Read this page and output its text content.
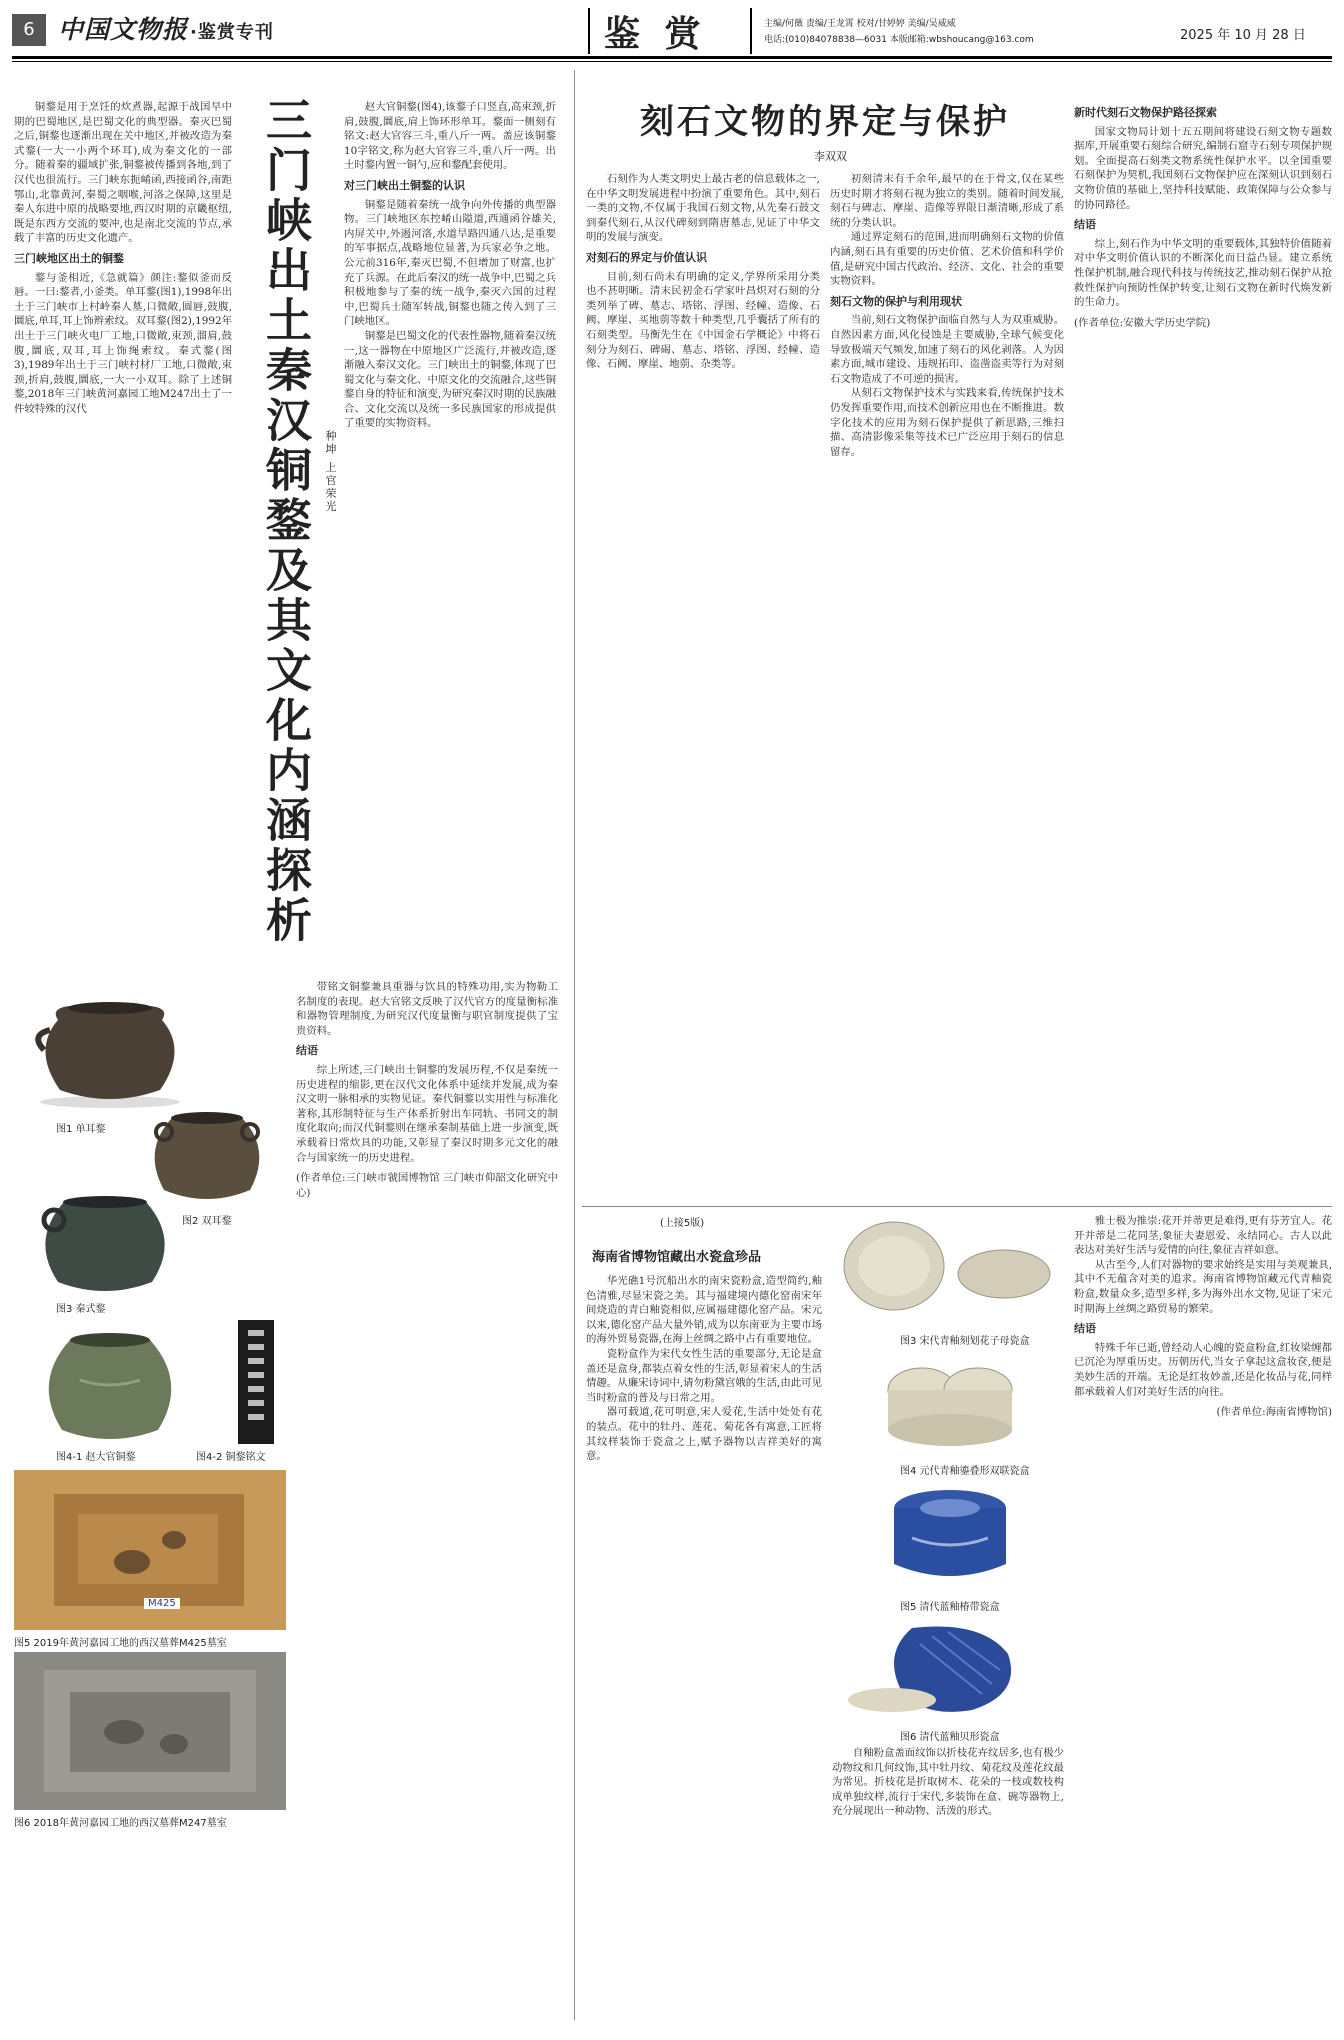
6 中国文物报 ·鉴赏专刊	鉴 赏	主编/何薇 责编/王龙霄 校对/甘婷婷 美编/吴威威
电话:(010)84078838—6031 本版邮箱:wbshoucang@163.com	2025 年 10 月 28 日
三门峡出土秦汉铜鍪及其文化内涵探析	种坤 上官荣光

铜鍪是用于烹饪的炊煮器,起源于战国早中期的巴蜀地区,是巴蜀文化的典型器。秦灭巴蜀之后,铜鍪也逐渐出现在关中地区,并被改造为秦式鍪(一大一小两个环耳),成为秦文化的一部分。随着秦的疆域扩张,铜鍪被传播到各地,到了汉代也很流行。三门峡东扼崤函,西接函谷,南距鄂山,北靠黄河,秦蜀之咽喉,河洛之保障,这里是秦人东进中原的战略要地,西汉时期的京畿枢纽,既是东西方交流的要冲,也是南北交流的节点,承载了丰富的历史文化遗产。

三门峡地区出土的铜鍪

鍪与釜相近,《急就篇》颜注:鍪似釜而反唇。一曰:鍪者,小釜类。单耳鍪(图1),1998年出土于三门峡市上村岭秦人墓,口微敞,圆唇,鼓腹,圜底,单耳,耳上饰辫索纹。双耳鍪(图2),1992年出土于三门峡火电厂工地,口微敞,束颈,溜肩,鼓腹,圜底,双耳,耳上饰绳索纹。秦式鍪(图3),1989年出土于三门峡村材厂工地,口微敞,束颈,折肩,鼓腹,圜底,一大一小双耳。除了上述铜鍪,2018年三门峡黄河嘉园工地M247出土了一件较特殊的汉代

赵大官铜鍪(图4),该鍪子口竖直,高束颈,折肩,鼓腹,圜底,肩上饰环形单耳。鍪面一侧刻有铭文:赵大官容三斗,重八斤一两。盖应该铜鍪10字铭文,称为赵大官容三斗,重八斤一两。出土时鍪内置一铜勺,应和鍪配套使用。

对三门峡出土铜鍪的认识

铜鍪是随着秦统一战争向外传播的典型器物。三门峡地区东控崤山隘道,西通函谷雄关,内屏关中,外遏河洛,水道旱路四通八达,是重要的军事据点,战略地位显著,为兵家必争之地。公元前316年,秦灭巴蜀,不但增加了财富,也扩充了兵源。在此后秦汉的统一战争中,巴蜀之兵积极地参与了秦的统一战争,秦灭六国的过程中,巴蜀兵士随军转战,铜鍪也随之传入到了三门峡地区。

铜鍪是巴蜀文化的代表性器物,随着秦汉统一,这一器物在中原地区广泛流行,并被改造,逐渐融入秦汉文化。三门峡出土的铜鍪,体现了巴蜀文化与秦文化、中原文化的交流融合,这些铜鍪自身的特征和演变,为研究秦汉时期的民族融合、文化交流以及统一多民族国家的形成提供了重要的实物资料。

图1 单耳鍪
图2 双耳鍪
图3 秦式鍪
图4-1 赵大官铜鍪	图4-2 铜鍪铭文
M425
图5 2019年黄河嘉园工地的西汉墓葬M425墓室
图6 2018年黄河嘉园工地的西汉墓葬M247墓室

带铭文铜鍪兼具重器与饮具的特殊功用,实为物勒工名制度的表现。赵大官铭文反映了汉代官方的度量衡标准和器物管理制度,为研究汉代度量衡与职官制度提供了宝贵资料。

结语

综上所述,三门峡出土铜鍪的发展历程,不仅是秦统一历史进程的缩影,更在汉代文化体系中延续并发展,成为秦汉文明一脉相承的实物见证。秦代铜鍪以实用性与标准化著称,其形制特征与生产体系折射出车同轨、书同文的制度化取向;而汉代铜鍪则在继承秦制基础上进一步演变,既承载着日常炊具的功能,又彰显了秦汉时期多元文化的融合与国家统一的历史进程。

(作者单位:三门峡市虢国博物馆 三门峡市仰韶文化研究中心)

刻石文物的界定与保护
李双双

石刻作为人类文明史上最古老的信息载体之一,在中华文明发展进程中扮演了重要角色。其中,刻石一类的文物,不仅属于我国石刻文物,从先秦石鼓文到秦代刻石,从汉代碑刻到隋唐墓志,见证了中华文明的发展与演变。

对刻石的界定与价值认识

目前,刻石尚未有明确的定义,学界所采用分类也不甚明晰。清末民初金石学家叶昌炽对石刻的分类列举了碑、墓志、塔铭、浮图、经幢、造像、石阙、摩崖、买地莂等数十种类型,几乎囊括了所有的石刻类型。马衡先生在《中国金石学概论》中将石刻分为刻石、碑碣、墓志、塔铭、浮图、经幢、造像、石阙、摩崖、地莂、杂类等。

初刻清末有千余年,最早的在于骨文,仅在某些历史时期才将刻石视为独立的类别。随着时间发展,刻石与碑志、摩崖、造像等界限日渐清晰,形成了系统的分类认识。

通过界定刻石的范围,进而明确刻石文物的价值内涵,刻石具有重要的历史价值、艺术价值和科学价值,是研究中国古代政治、经济、文化、社会的重要实物资料。

刻石文物的保护与利用现状

当前,刻石文物保护面临自然与人为双重威胁。自然因素方面,风化侵蚀是主要威胁,全球气候变化导致极端天气频发,加速了刻石的风化剥落。人为因素方面,城市建设、违规拓印、盗凿盗卖等行为对刻石文物造成了不可逆的损害。

从刻石文物保护技术与实践来看,传统保护技术仍发挥重要作用,而技术创新应用也在不断推进。数字化技术的应用为刻石保护提供了新思路,三维扫描、高清影像采集等技术已广泛应用于刻石的信息留存。

新时代刻石文物保护路径探索

国家文物局计划十五五期间将建设石刻文物专题数据库,开展重要石刻综合研究,编制石窟寺石刻专项保护规划。全面提高石刻类文物系统性保护水平。以全国重要石刻保护为契机,我国刻石文物保护应在深刻认识到刻石文物价值的基础上,坚持科技赋能、政策保障与公众参与的协同路径。

结语

综上,刻石作为中华文明的重要载体,其独特价值随着对中华文明价值认识的不断深化而日益凸显。建立系统性保护机制,融合现代科技与传统技艺,推动刻石保护从抢救性保护向预防性保护转变,让刻石文物在新时代焕发新的生命力。

(作者单位:安徽大学历史学院)

(上接5版)
海南省博物馆藏出水瓷盒珍品

华光礁1号沉船出水的南宋瓷粉盒,造型简约,釉色清雅,尽显宋瓷之美。其与福建境内德化窑南宋年间烧造的青白釉瓷相似,应属福建德化窑产品。宋元以来,德化窑产品大量外销,成为以东南亚为主要市场的海外贸易瓷器,在海上丝绸之路中占有重要地位。

瓷粉盒作为宋代女性生活的重要部分,无论是盒盖还是盒身,都装点着女性的生活,彰显着宋人的生活情趣。从廉宋诗词中,请勿粉黛宫娥的生活,由此可见当时粉盒的普及与日常之用。

器可载道,花可明意,宋人爱花,生活中处处有花的装点。花中的牡丹、莲花、菊花各有寓意,工匠将其纹样装饰于瓷盒之上,赋予器物以吉祥美好的寓意。

图3 宋代青釉刻划花子母瓷盒
图4 元代青釉鎏叠形双联瓷盒
图5 清代蓝釉椿带瓷盒
图6 清代蓝釉贝形瓷盒

自釉粉盒盖面纹饰以折枝花卉纹居多,也有极少动物纹和几何纹饰,其中牡丹纹、菊花纹及莲花纹最为常见。折枝花是折取树木、花朵的一枝或数枝构成单独纹样,流行于宋代,多装饰在盒、碗等器物上,充分展现出一种动物、活泼的形式。

雅士极为推崇:花开并蒂更是难得,更有芬芳宜人。花开并蒂是二花同茎,象征夫妻恩爱、永结同心。古人以此表达对美好生活与爱情的向往,象征吉祥如意。

从古至今,人们对器物的要求始终是实用与美观兼具,其中不无蕴含对美的追求。海南省博物馆藏元代青釉瓷粉盒,数量众多,造型多样,多为海外出水文物,见证了宋元时期海上丝绸之路贸易的繁荣。

结语

特殊千年已逝,曾经动人心魄的瓷盒粉盒,红妆梁缠都已沉沦为厚重历史。历朝历代,当女子拿起这盒妆奁,便是美妙生活的开端。无论是红妆妙盖,还是化妆品与花,同样都承载着人们对美好生活的向往。

(作者单位:海南省博物馆)
